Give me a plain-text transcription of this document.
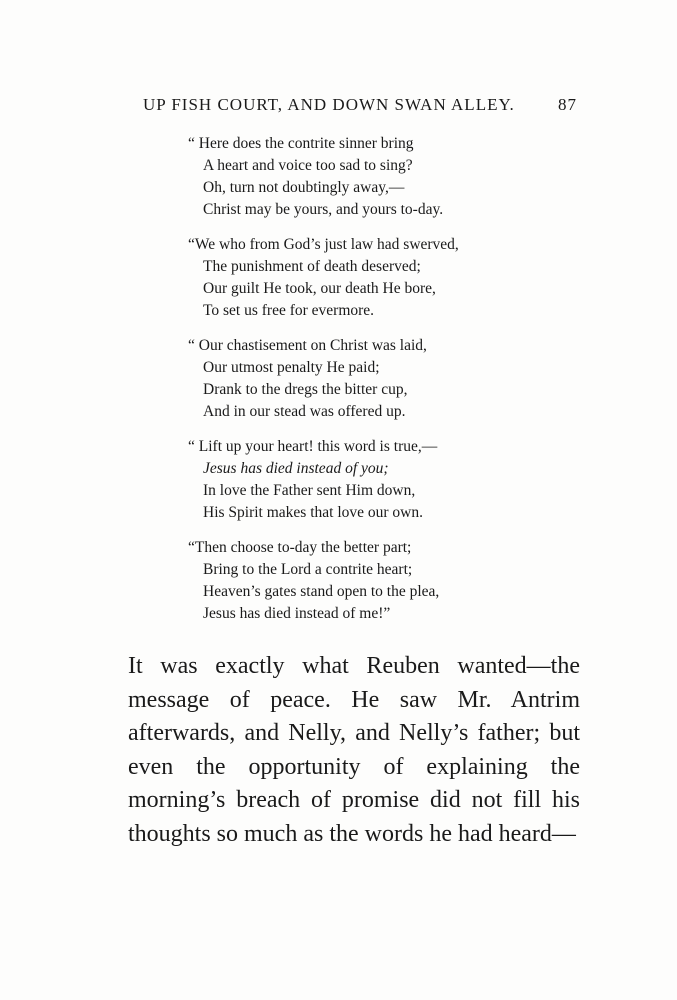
UP FISH COURT, AND DOWN SWAN ALLEY.	87
“ Here does the contrite sinner bring
A heart and voice too sad to sing?
Oh, turn not doubtingly away,—
Christ may be yours, and yours to-day.
“We who from God’s just law had swerved,
The punishment of death deserved;
Our guilt He took, our death He bore,
To set us free for evermore.
“ Our chastisement on Christ was laid,
Our utmost penalty He paid;
Drank to the dregs the bitter cup,
And in our stead was offered up.
“ Lift up your heart! this word is true,—
Jesus has died instead of you;
In love the Father sent Him down,
His Spirit makes that love our own.
“Then choose to-day the better part;
Bring to the Lord a contrite heart;
Heaven’s gates stand open to the plea,
Jesus has died instead of me!”

It was exactly what Reuben wanted—the message of peace. He saw Mr. Antrim afterwards, and Nelly, and Nelly’s father; but even the opportunity of explaining the morning’s breach of promise did not fill his thoughts so much as the words he had heard—
